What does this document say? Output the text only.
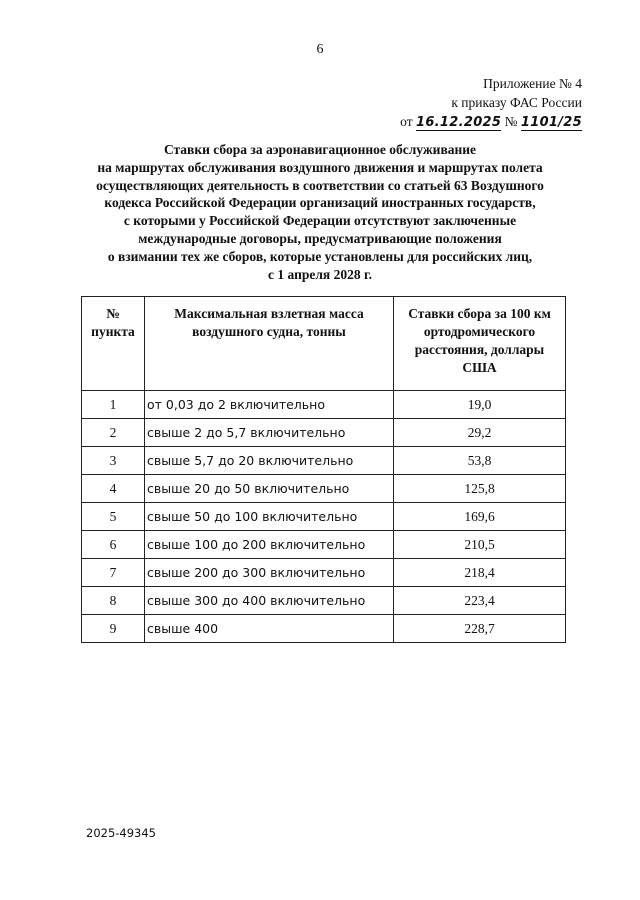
6
Приложение № 4
к приказу ФАС России
от 16.12.2025 № 1101/25
Ставки сбора за аэронавигационное обслуживание
на маршрутах обслуживания воздушного движения и маршрутах полета
осуществляющих деятельность в соответствии со статьей 63 Воздушного
кодекса Российской Федерации организаций иностранных государств,
с которыми у Российской Федерации отсутствуют заключенные
международные договоры, предусматривающие положения
о взимании тех же сборов, которые установлены для российских лиц,
с 1 апреля 2028 г.
№ пункта	Максимальная взлетная масса воздушного судна, тонны	Ставки сбора за 100 км ортодромического расстояния, доллары США
1	от 0,03 до 2 включительно	19,0
2	свыше 2 до 5,7 включительно	29,2
3	свыше 5,7 до 20 включительно	53,8
4	свыше 20 до 50 включительно	125,8
5	свыше 50 до 100 включительно	169,6
6	свыше 100 до 200 включительно	210,5
7	свыше 200 до 300 включительно	218,4
8	свыше 300 до 400 включительно	223,4
9	свыше 400	228,7
2025-49345
